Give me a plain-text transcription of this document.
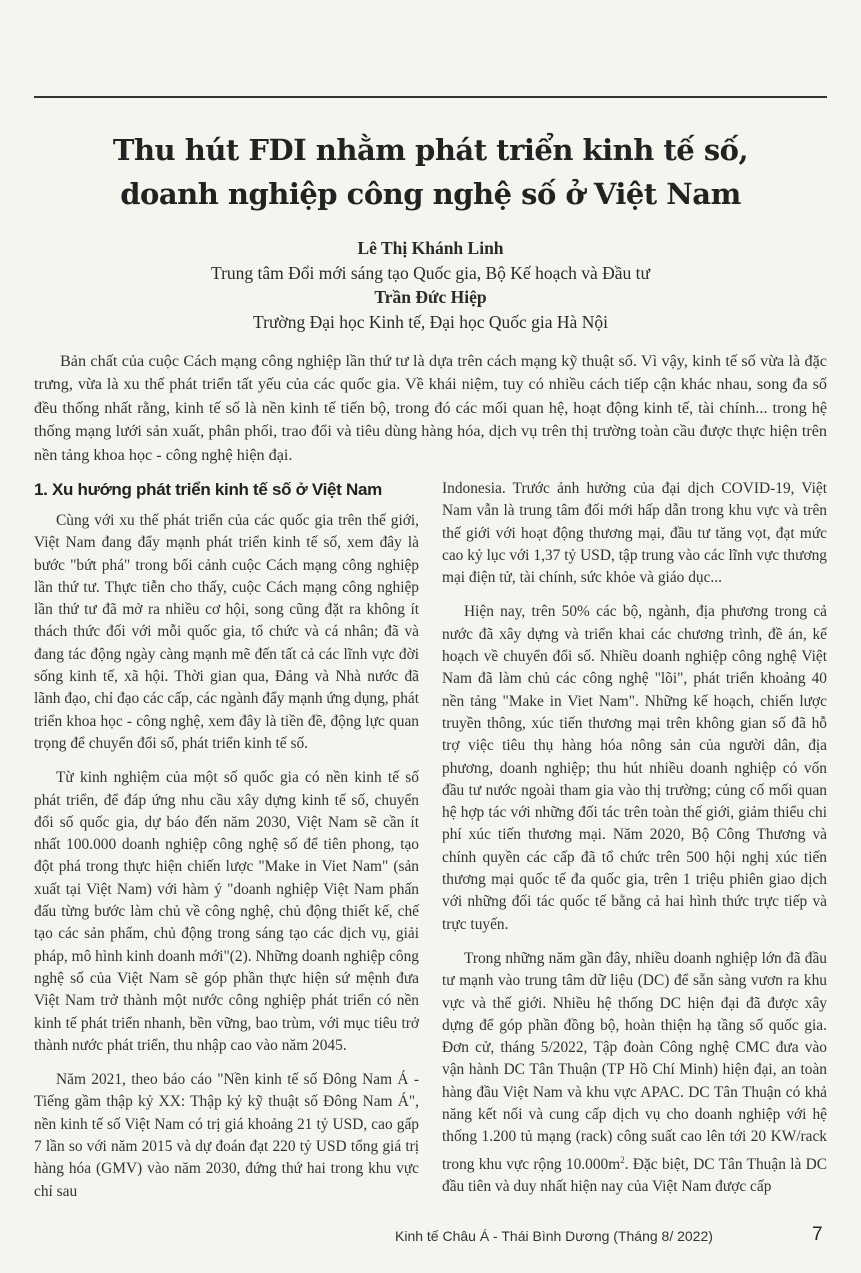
Thu hút FDI nhằm phát triển kinh tế số,
doanh nghiệp công nghệ số ở Việt Nam
Lê Thị Khánh Linh
Trung tâm Đổi mới sáng tạo Quốc gia, Bộ Kế hoạch và Đầu tư
Trần Đức Hiệp
Trường Đại học Kinh tế, Đại học Quốc gia Hà Nội

Bản chất của cuộc Cách mạng công nghiệp lần thứ tư là dựa trên cách mạng kỹ thuật số. Vì vậy, kinh tế số vừa là đặc trưng, vừa là xu thế phát triển tất yếu của các quốc gia. Về khái niệm, tuy có nhiều cách tiếp cận khác nhau, song đa số đều thống nhất rằng, kinh tế số là nền kinh tế tiến bộ, trong đó các mối quan hệ, hoạt động kinh tế, tài chính... trong hệ thống mạng lưới sản xuất, phân phối, trao đổi và tiêu dùng hàng hóa, dịch vụ trên thị trường toàn cầu được thực hiện trên nền tảng khoa học - công nghệ hiện đại.

1. Xu hướng phát triển kinh tế số ở Việt Nam

Cùng với xu thế phát triển của các quốc gia trên thế giới, Việt Nam đang đẩy mạnh phát triển kinh tế số, xem đây là bước "bứt phá" trong bối cảnh cuộc Cách mạng công nghiệp lần thứ tư. Thực tiễn cho thấy, cuộc Cách mạng công nghiệp lần thứ tư đã mở ra nhiều cơ hội, song cũng đặt ra không ít thách thức đối với mỗi quốc gia, tổ chức và cá nhân; đã và đang tác động ngày càng mạnh mẽ đến tất cả các lĩnh vực đời sống kinh tế, xã hội. Thời gian qua, Đảng và Nhà nước đã lãnh đạo, chỉ đạo các cấp, các ngành đẩy mạnh ứng dụng, phát triển khoa học - công nghệ, xem đây là tiền đề, động lực quan trọng để chuyển đổi số, phát triển kinh tế số.

Từ kinh nghiệm của một số quốc gia có nền kinh tế số phát triển, để đáp ứng nhu cầu xây dựng kinh tế số, chuyển đổi số quốc gia, dự báo đến năm 2030, Việt Nam sẽ cần ít nhất 100.000 doanh nghiệp công nghệ số để tiên phong, tạo đột phá trong thực hiện chiến lược "Make in Viet Nam" (sản xuất tại Việt Nam) với hàm ý "doanh nghiệp Việt Nam phấn đấu từng bước làm chủ về công nghệ, chủ động thiết kế, chế tạo các sản phẩm, chủ động trong sáng tạo các dịch vụ, giải pháp, mô hình kinh doanh mới"(2). Những doanh nghiệp công nghệ số của Việt Nam sẽ góp phần thực hiện sứ mệnh đưa Việt Nam trở thành một nước công nghiệp phát triển có nền kinh tế phát triển nhanh, bền vững, bao trùm, với mục tiêu trở thành nước phát triển, thu nhập cao vào năm 2045.

Năm 2021, theo báo cáo "Nền kinh tế số Đông Nam Á - Tiếng gầm thập kỷ XX: Thập kỷ kỹ thuật số Đông Nam Á", nền kinh tế số Việt Nam có trị giá khoảng 21 tỷ USD, cao gấp 7 lần so với năm 2015 và dự đoán đạt 220 tỷ USD tổng giá trị hàng hóa (GMV) vào năm 2030, đứng thứ hai trong khu vực chỉ sau

Indonesia. Trước ảnh hưởng của đại dịch COVID-19, Việt Nam vẫn là trung tâm đối mới hấp dẫn trong khu vực và trên thế giới với hoạt động thương mại, đầu tư tăng vọt, đạt mức cao kỷ lục với 1,37 tỷ USD, tập trung vào các lĩnh vực thương mại điện tử, tài chính, sức khỏe và giáo dục...

Hiện nay, trên 50% các bộ, ngành, địa phương trong cả nước đã xây dựng và triển khai các chương trình, đề án, kế hoạch về chuyển đổi số. Nhiều doanh nghiệp công nghệ Việt Nam đã làm chủ các công nghệ "lõi", phát triển khoảng 40 nền tảng "Make in Viet Nam". Những kế hoạch, chiến lược truyền thông, xúc tiến thương mại trên không gian số đã hỗ trợ việc tiêu thụ hàng hóa nông sản của người dân, địa phương, doanh nghiệp; thu hút nhiều doanh nghiệp có vốn đầu tư nước ngoài tham gia vào thị trường; củng cố mối quan hệ hợp tác với những đối tác trên toàn thế giới, giảm thiểu chi phí xúc tiến thương mại. Năm 2020, Bộ Công Thương và chính quyền các cấp đã tổ chức trên 500 hội nghị xúc tiến thương mại quốc tế đa quốc gia, trên 1 triệu phiên giao dịch với những đối tác quốc tế bằng cả hai hình thức trực tiếp và trực tuyến.

Trong những năm gần đây, nhiều doanh nghiệp lớn đã đầu tư mạnh vào trung tâm dữ liệu (DC) để sẵn sàng vươn ra khu vực và thế giới. Nhiều hệ thống DC hiện đại đã được xây dựng để góp phần đồng bộ, hoàn thiện hạ tầng số quốc gia. Đơn cử, tháng 5/2022, Tập đoàn Công nghệ CMC đưa vào vận hành DC Tân Thuận (TP Hồ Chí Minh) hiện đại, an toàn hàng đầu Việt Nam và khu vực APAC. DC Tân Thuận có khả năng kết nối và cung cấp dịch vụ cho doanh nghiệp với hệ thống 1.200 tủ mạng (rack) công suất cao lên tới 20 KW/rack trong khu vực rộng $10.000m^2$. Đặc biệt, DC Tân Thuận là DC đầu tiên và duy nhất hiện nay của Việt Nam được cấp

Kinh tế Châu Á - Thái Bình Dương (Tháng 8/ 2022)	7
